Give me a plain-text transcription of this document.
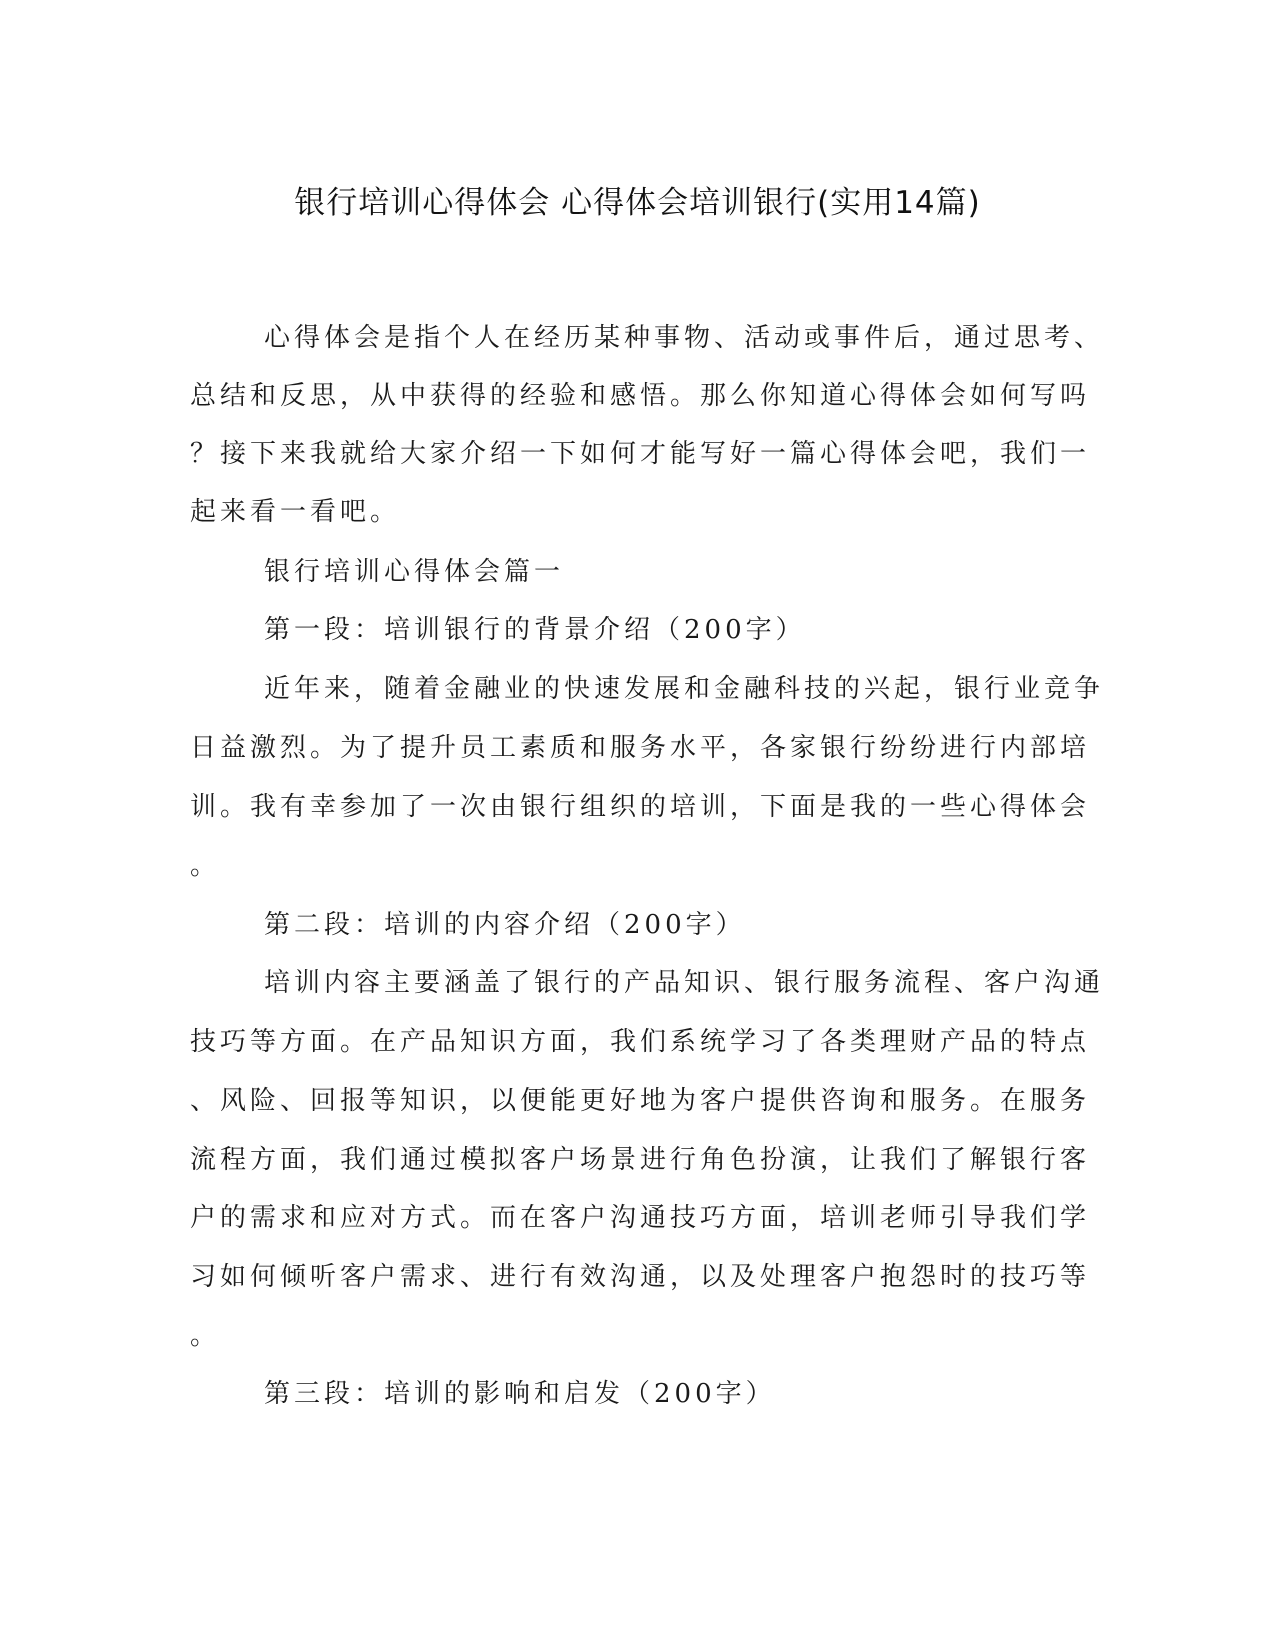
银行培训心得体会 心得体会培训银行(实用14篇)
心得体会是指个人在经历某种事物、活动或事件后，通过思考、
总结和反思，从中获得的经验和感悟。那么你知道心得体会如何写吗
？接下来我就给大家介绍一下如何才能写好一篇心得体会吧，我们一
起来看一看吧。
银行培训心得体会篇一
第一段：培训银行的背景介绍（200字）
近年来，随着金融业的快速发展和金融科技的兴起，银行业竞争
日益激烈。为了提升员工素质和服务水平，各家银行纷纷进行内部培
训。我有幸参加了一次由银行组织的培训，下面是我的一些心得体会
。
第二段：培训的内容介绍（200字）
培训内容主要涵盖了银行的产品知识、银行服务流程、客户沟通
技巧等方面。在产品知识方面，我们系统学习了各类理财产品的特点
、风险、回报等知识，以便能更好地为客户提供咨询和服务。在服务
流程方面，我们通过模拟客户场景进行角色扮演，让我们了解银行客
户的需求和应对方式。而在客户沟通技巧方面，培训老师引导我们学
习如何倾听客户需求、进行有效沟通，以及处理客户抱怨时的技巧等
。
第三段：培训的影响和启发（200字）
